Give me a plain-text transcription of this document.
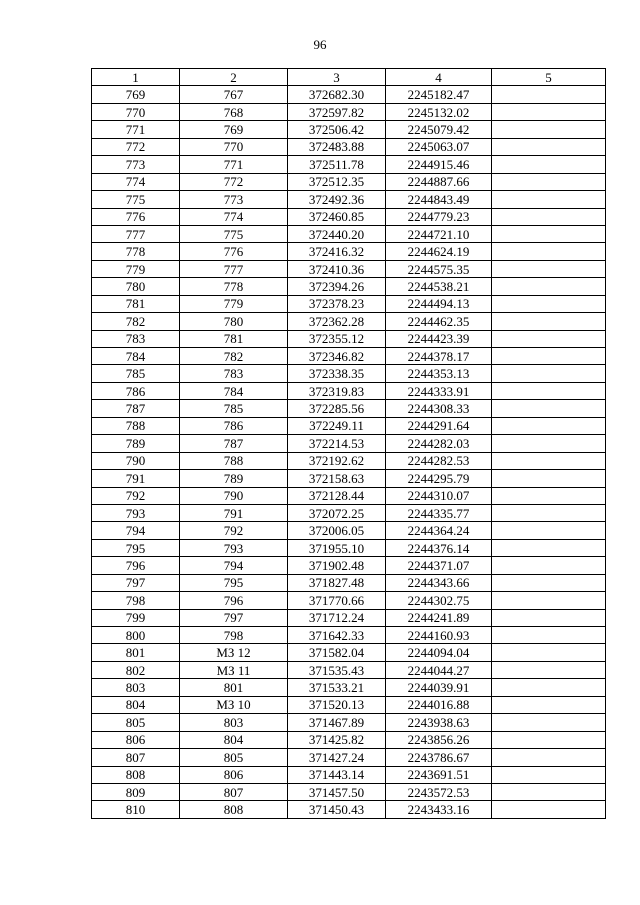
96
1	2	3	4	5
769	767	372682.30	2245182.47	
770	768	372597.82	2245132.02	
771	769	372506.42	2245079.42	
772	770	372483.88	2245063.07	
773	771	372511.78	2244915.46	
774	772	372512.35	2244887.66	
775	773	372492.36	2244843.49	
776	774	372460.85	2244779.23	
777	775	372440.20	2244721.10	
778	776	372416.32	2244624.19	
779	777	372410.36	2244575.35	
780	778	372394.26	2244538.21	
781	779	372378.23	2244494.13	
782	780	372362.28	2244462.35	
783	781	372355.12	2244423.39	
784	782	372346.82	2244378.17	
785	783	372338.35	2244353.13	
786	784	372319.83	2244333.91	
787	785	372285.56	2244308.33	
788	786	372249.11	2244291.64	
789	787	372214.53	2244282.03	
790	788	372192.62	2244282.53	
791	789	372158.63	2244295.79	
792	790	372128.44	2244310.07	
793	791	372072.25	2244335.77	
794	792	372006.05	2244364.24	
795	793	371955.10	2244376.14	
796	794	371902.48	2244371.07	
797	795	371827.48	2244343.66	
798	796	371770.66	2244302.75	
799	797	371712.24	2244241.89	
800	798	371642.33	2244160.93	
801	МЗ 12	371582.04	2244094.04	
802	МЗ 11	371535.43	2244044.27	
803	801	371533.21	2244039.91	
804	МЗ 10	371520.13	2244016.88	
805	803	371467.89	2243938.63	
806	804	371425.82	2243856.26	
807	805	371427.24	2243786.67	
808	806	371443.14	2243691.51	
809	807	371457.50	2243572.53	
810	808	371450.43	2243433.16	
